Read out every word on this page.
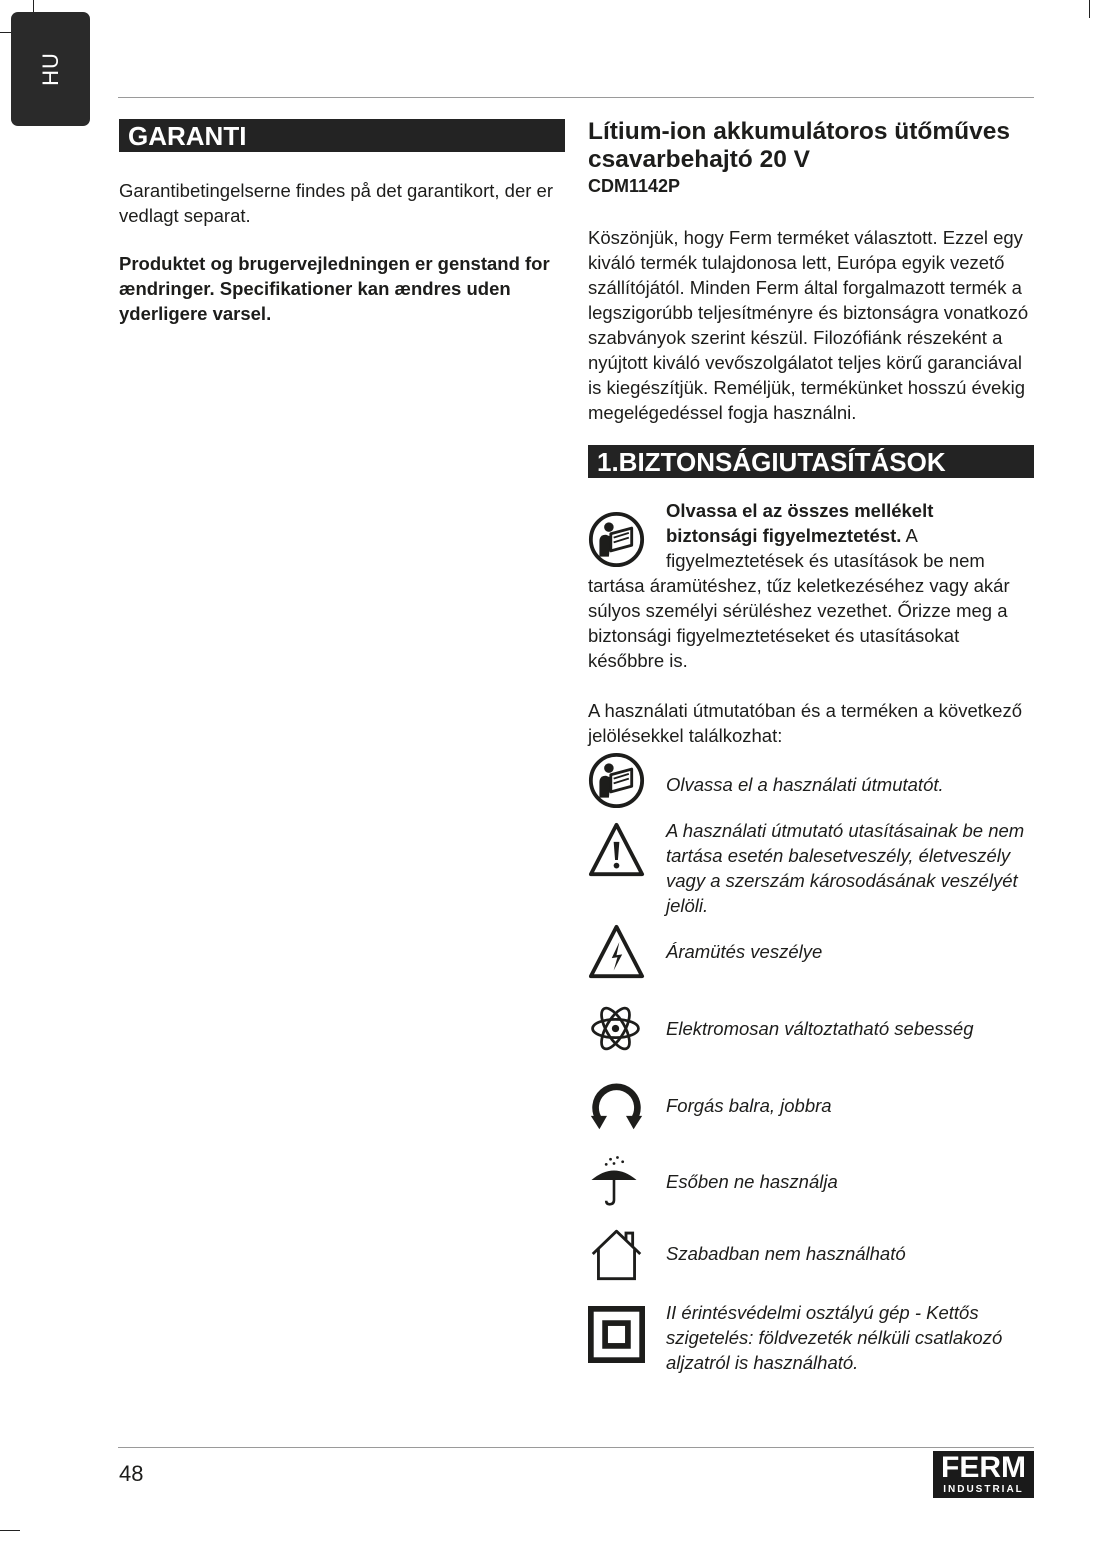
HU
GARANTI

Garantibetingelserne findes på det garantikort, der er vedlagt separat.

Produktet og brugervejledningen er genstand for ændringer. Specifikationer kan ændres uden yderligere varsel.

Lítium-ion akkumulátoros ütőműves csavarbehajtó 20 V

CDM1142P

Köszönjük, hogy Ferm terméket választott. Ezzel egy kiváló termék tulajdonosa lett, Európa egyik vezető szállítójától. Minden Ferm által forgalmazott termék a legszigorúbb teljesítményre és biztonságra vonatkozó szabványok szerint készül. Filozófiánk részeként a nyújtott kiváló vevőszolgálatot teljes körű garanciával is kiegészítjük. Reméljük, termékünket hosszú évekig megelégedéssel fogja használni.

1.BIZTONSÁGIUTASÍTÁSOK

Olvassa el az összes mellékelt

biztonsági figyelmeztetést. A

figyelmeztetések és utasítások be nem

tartása áramütéshez, tűz keletkezéséhez vagy akár súlyos személyi sérüléshez vezethet. Őrizze meg a biztonsági figyelmeztetéseket és utasításokat későbbre is.

A használati útmutatóban és a terméken a következő jelölésekkel találkozhat:

Olvassa el a használati útmutatót.
A használati útmutató utasításainak be nem tartása esetén balesetveszély, életveszély vagy a szerszám károsodásának veszélyét jelöli.
Áramütés veszélye
Elektromosan változtatható sebesség
Forgás balra, jobbra
Esőben ne használja
Szabadban nem használható
II érintésvédelmi osztályú gép - Kettős szigetelés: földvezeték nélküli csatlakozó aljzatról is használható.
48	FERM
INDUSTRIAL
